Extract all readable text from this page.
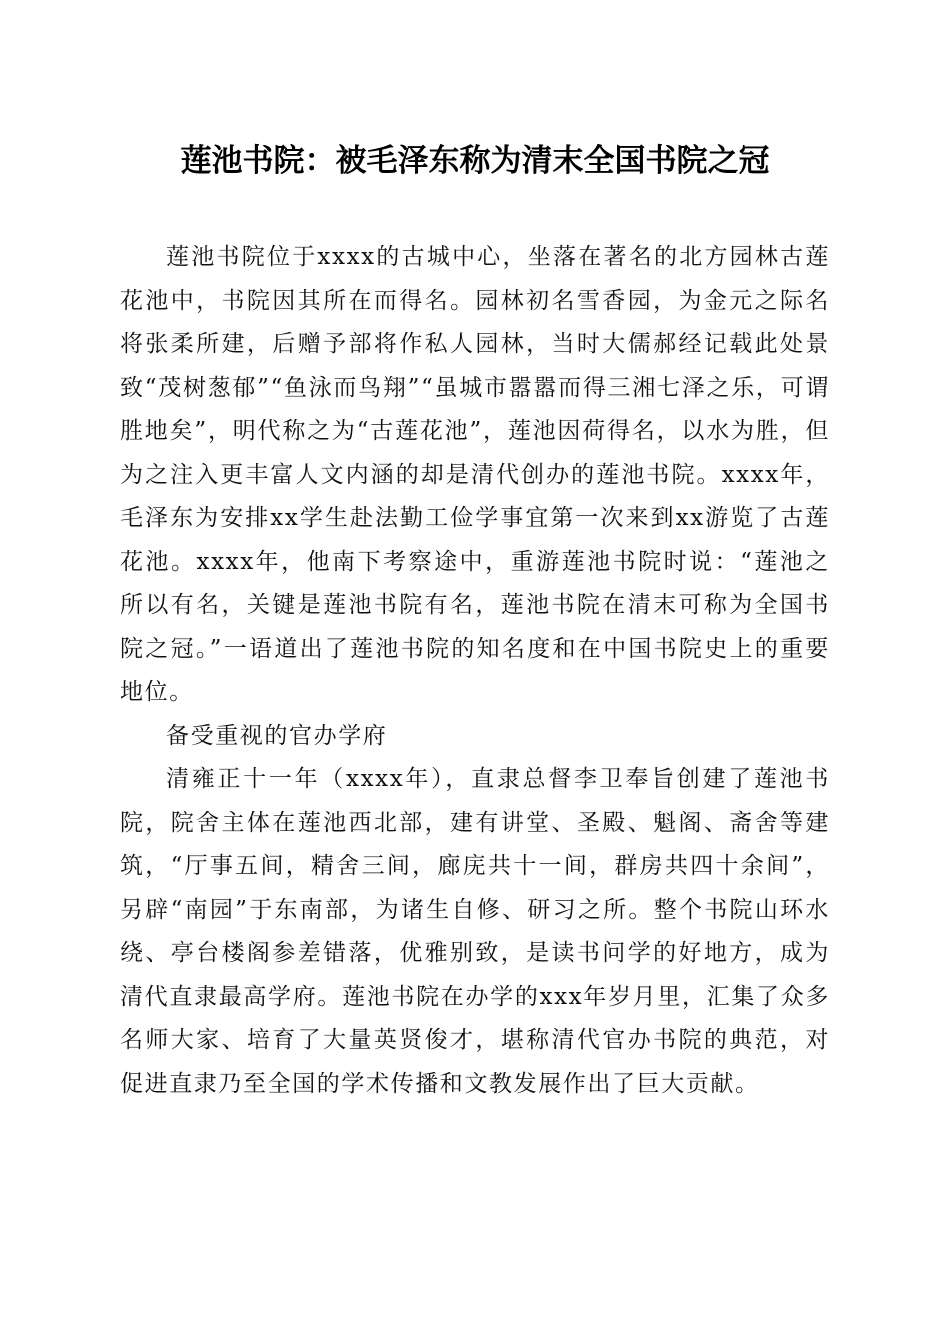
莲池书院：被毛泽东称为清末全国书院之冠

莲池书院位于xxxx的古城中心，坐落在著名的北方园林古莲花池中，书院因其所在而得名。园林初名雪香园，为金元之际名将张柔所建，后赠予部将作私人园林，当时大儒郝经记载此处景致“茂树葱郁”“鱼泳而鸟翔”“虽城市嚣嚣而得三湘七泽之乐，可谓胜地矣”，明代称之为“古莲花池”，莲池因荷得名，以水为胜，但为之注入更丰富人文内涵的却是清代创办的莲池书院。xxxx年，毛泽东为安排xx学生赴法勤工俭学事宜第一次来到xx游览了古莲花池。xxxx年，他南下考察途中，重游莲池书院时说：“莲池之所以有名，关键是莲池书院有名，莲池书院在清末可称为全国书院之冠。”一语道出了莲池书院的知名度和在中国书院史上的重要地位。

备受重视的官办学府

清雍正十一年（xxxx年），直隶总督李卫奉旨创建了莲池书院，院舍主体在莲池西北部，建有讲堂、圣殿、魁阁、斋舍等建筑，“厅事五间，精舍三间，廊庑共十一间，群房共四十余间”，另辟“南园”于东南部，为诸生自修、研习之所。整个书院山环水绕、亭台楼阁参差错落，优雅别致，是读书问学的好地方，成为清代直隶最高学府。莲池书院在办学的xxx年岁月里，汇集了众多名师大家、培育了大量英贤俊才，堪称清代官办书院的典范，对促进直隶乃至全国的学术传播和文教发展作出了巨大贡献。
